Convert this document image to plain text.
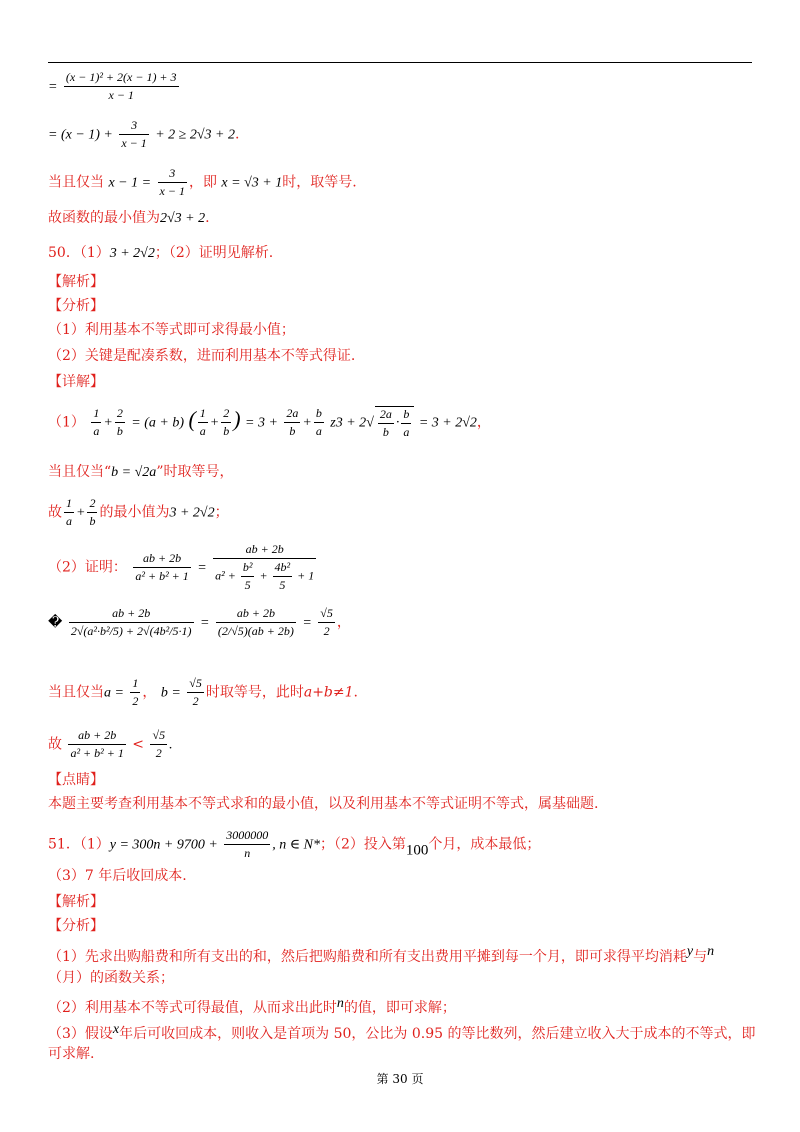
= $\frac{\text{(x − 1)² + 2(x − 1) + 3}}{x - 1}$
= $(x - 1) + \frac{3}{x - 1} + 2 \ge 2√3 + 2$.
当且仅当 $x - 1 = \frac{3}{x - 1}$ ，即 x = √3 + 1时，取等号.
故函数的最小值为2√3 + 2.
50．（1）3 + 2√2；（2）证明见解析.
【解析】
【分析】
（1）利用基本不等式即可求得最小值；
（2）关键是配凑系数，进而利用基本不等式得证.
【详解】
$(1) \frac{1}{a} + \frac{2}{b} = (a + b)$ ( $\frac{1}{a} + \frac{2}{b}$ ) = $3 + \frac{2a}{b} + \frac{b}{a} z3 + 2√ \frac{2a}{b} \cdot \frac{b}{a} = 3 + 2√2$，
当且仅当“b = √2a”时取等号，
故 $\frac{1}{a} + \frac{2}{b}$ 的最小值为3 + 2√2；
（2）证明： $\frac{ab + 2b}{\text{a² + b² + 1}} = \frac{ab + 2b}{a^2 + \frac{\text{b²}}{5} + \frac{\text{4b²}}{5} + 1}$
� $\frac{ab + 2b}{\text{2√(a²·b²/5) + 2√(4b²/5·1)}} = \frac{ab + 2b}{(2/√5)(ab + 2b)} = \frac{√5}{2}$ ，
当且仅当$a = \frac{1}{2}$ ， $b = \frac{√5}{2}$ 时取等号，此时a+b≠1.
故 $\frac{ab + 2b}{\text{a² + b² + 1}} < \frac{√5}{2}$ .
【点睛】
本题主要考查利用基本不等式求和的最小值，以及利用基本不等式证明不等式，属基础题.
51．$(1)y = 300n + 9700 + \frac{3000000}{n}$ , n ∈ N*；（2）投入第100个月，成本最低；
（3）7 年后收回成本.
【解析】
【分析】
（1）先求出购船费和所有支出的和，然后把购船费和所有支出费用平摊到每一个月，即可求得平均消耗y与n
（月）的函数关系；
（2）利用基本不等式可得最值，从而求出此时n的值，即可求解；
（3）假设x年后可收回成本，则收入是首项为 50，公比为 0.95 的等比数列，然后建立收入大于成本的不等式，即
可求解.
第 30 页
